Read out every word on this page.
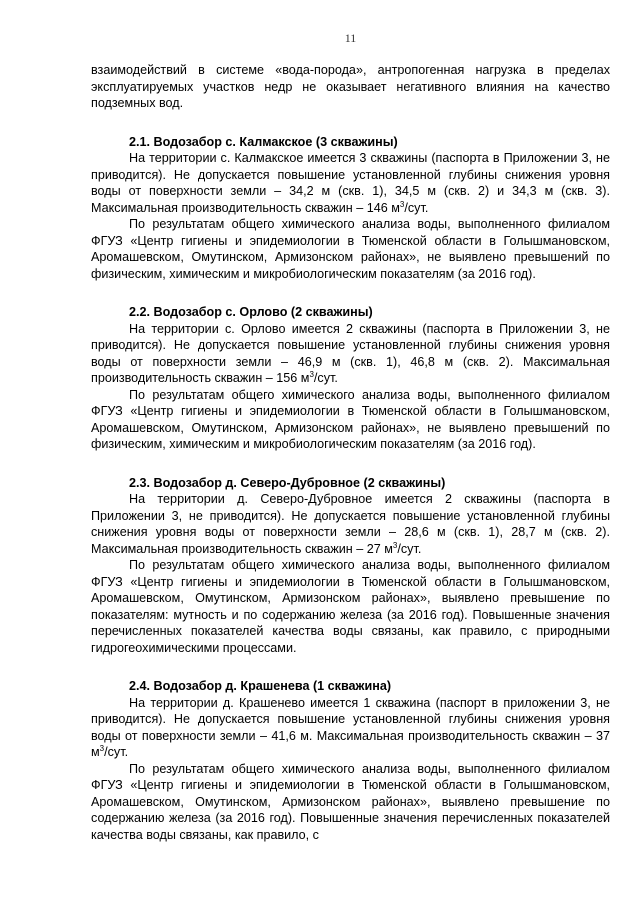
11

взаимодействий в системе «вода-порода», антропогенная нагрузка в пределах эксплуатируемых участков недр не оказывает негативного влияния на качество подземных вод.

2.1. Водозабор с. Калмакское (3 скважины)

На территории с. Калмакское имеется 3 скважины (паспорта в Приложении 3, не приводится). Не допускается повышение установленной глубины снижения уровня воды от поверхности земли – 34,2 м (скв. 1), 34,5 м (скв. 2) и 34,3 м (скв. 3). Максимальная производительность скважин – 146 $м^3$/сут.

По результатам общего химического анализа воды, выполненного филиалом ФГУЗ «Центр гигиены и эпидемиологии в Тюменской области в Голышмановском, Аромашевском, Омутинском, Армизонском районах», не выявлено превышений по физическим, химическим и микробиологическим показателям (за 2016 год).

2.2. Водозабор с. Орлово (2 скважины)

На территории с. Орлово имеется 2 скважины (паспорта в Приложении 3, не приводится). Не допускается повышение установленной глубины снижения уровня воды от поверхности земли – 46,9 м (скв. 1), 46,8 м (скв. 2). Максимальная производительность скважин – 156 $м^3$/сут.

По результатам общего химического анализа воды, выполненного филиалом ФГУЗ «Центр гигиены и эпидемиологии в Тюменской области в Голышмановском, Аромашевском, Омутинском, Армизонском районах», не выявлено превышений по физическим, химическим и микробиологическим показателям (за 2016 год).

2.3. Водозабор д. Северо-Дубровное (2 скважины)

На территории д. Северо-Дубровное имеется 2 скважины (паспорта в Приложении 3, не приводится). Не допускается повышение установленной глубины снижения уровня воды от поверхности земли – 28,6 м (скв. 1), 28,7 м (скв. 2). Максимальная производительность скважин – 27 $м^3$/сут.

По результатам общего химического анализа воды, выполненного филиалом ФГУЗ «Центр гигиены и эпидемиологии в Тюменской области в Голышмановском, Аромашевском, Омутинском, Армизонском районах», выявлено превышение по показателям: мутность и по содержанию железа (за 2016 год). Повышенные значения перечисленных показателей качества воды связаны, как правило, с природными гидрогеохимическими процессами.

2.4. Водозабор д. Крашенева (1 скважина)

На территории д. Крашенево имеется 1 скважина (паспорт в приложении 3, не приводится). Не допускается повышение установленной глубины снижения уровня воды от поверхности земли – 41,6 м. Максимальная производительность скважин – 37 $м^3$/сут.

По результатам общего химического анализа воды, выполненного филиалом ФГУЗ «Центр гигиены и эпидемиологии в Тюменской области в Голышмановском, Аромашевском, Омутинском, Армизонском районах», выявлено превышение по содержанию железа (за 2016 год). Повышенные значения перечисленных показателей качества воды связаны, как правило, с
